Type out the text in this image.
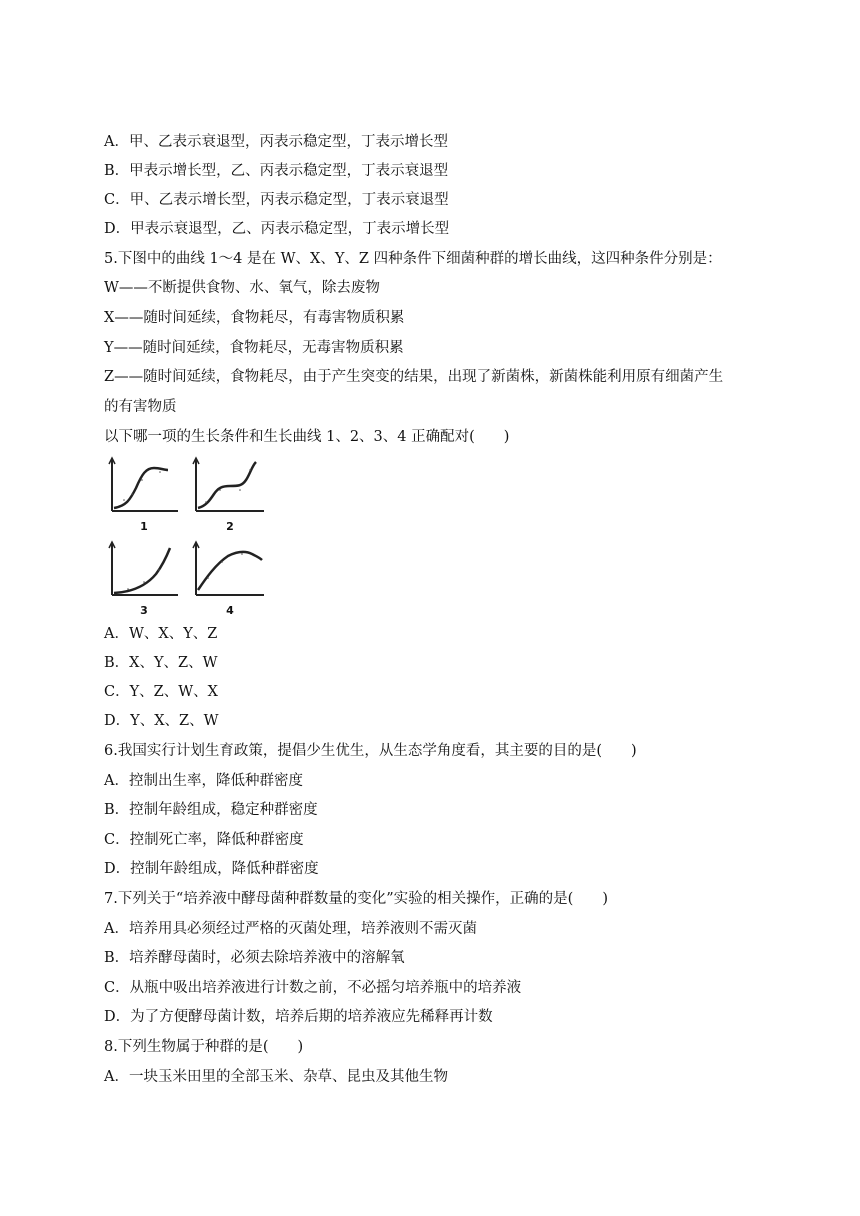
A．甲、乙表示衰退型，丙表示稳定型，丁表示增长型
B．甲表示增长型，乙、丙表示稳定型，丁表示衰退型
C．甲、乙表示增长型，丙表示稳定型，丁表示衰退型
D．甲表示衰退型，乙、丙表示稳定型，丁表示增长型
5.下图中的曲线 1～4 是在 W、X、Y、Z 四种条件下细菌种群的增长曲线，这四种条件分别是：
W——不断提供食物、水、氧气，除去废物
X——随时间延续，食物耗尽，有毒害物质积累
Y——随时间延续，食物耗尽，无毒害物质积累
Z——随时间延续，食物耗尽，由于产生突变的结果，出现了新菌株，新菌株能利用原有细菌产生
的有害物质
以下哪一项的生长条件和生长曲线 1、2、3、4 正确配对(　　)
1	2
3	4
A．W、X、Y、Z
B．X、Y、Z、W
C．Y、Z、W、X
D．Y、X、Z、W
6.我国实行计划生育政策，提倡少生优生，从生态学角度看，其主要的目的是(　　)
A．控制出生率，降低种群密度
B．控制年龄组成，稳定种群密度
C．控制死亡率，降低种群密度
D．控制年龄组成，降低种群密度
7.下列关于“培养液中酵母菌种群数量的变化”实验的相关操作，正确的是(　　)
A．培养用具必须经过严格的灭菌处理，培养液则不需灭菌
B．培养酵母菌时，必须去除培养液中的溶解氧
C．从瓶中吸出培养液进行计数之前，不必摇匀培养瓶中的培养液
D．为了方便酵母菌计数，培养后期的培养液应先稀释再计数
8.下列生物属于种群的是(　　)
A．一块玉米田里的全部玉米、杂草、昆虫及其他生物
